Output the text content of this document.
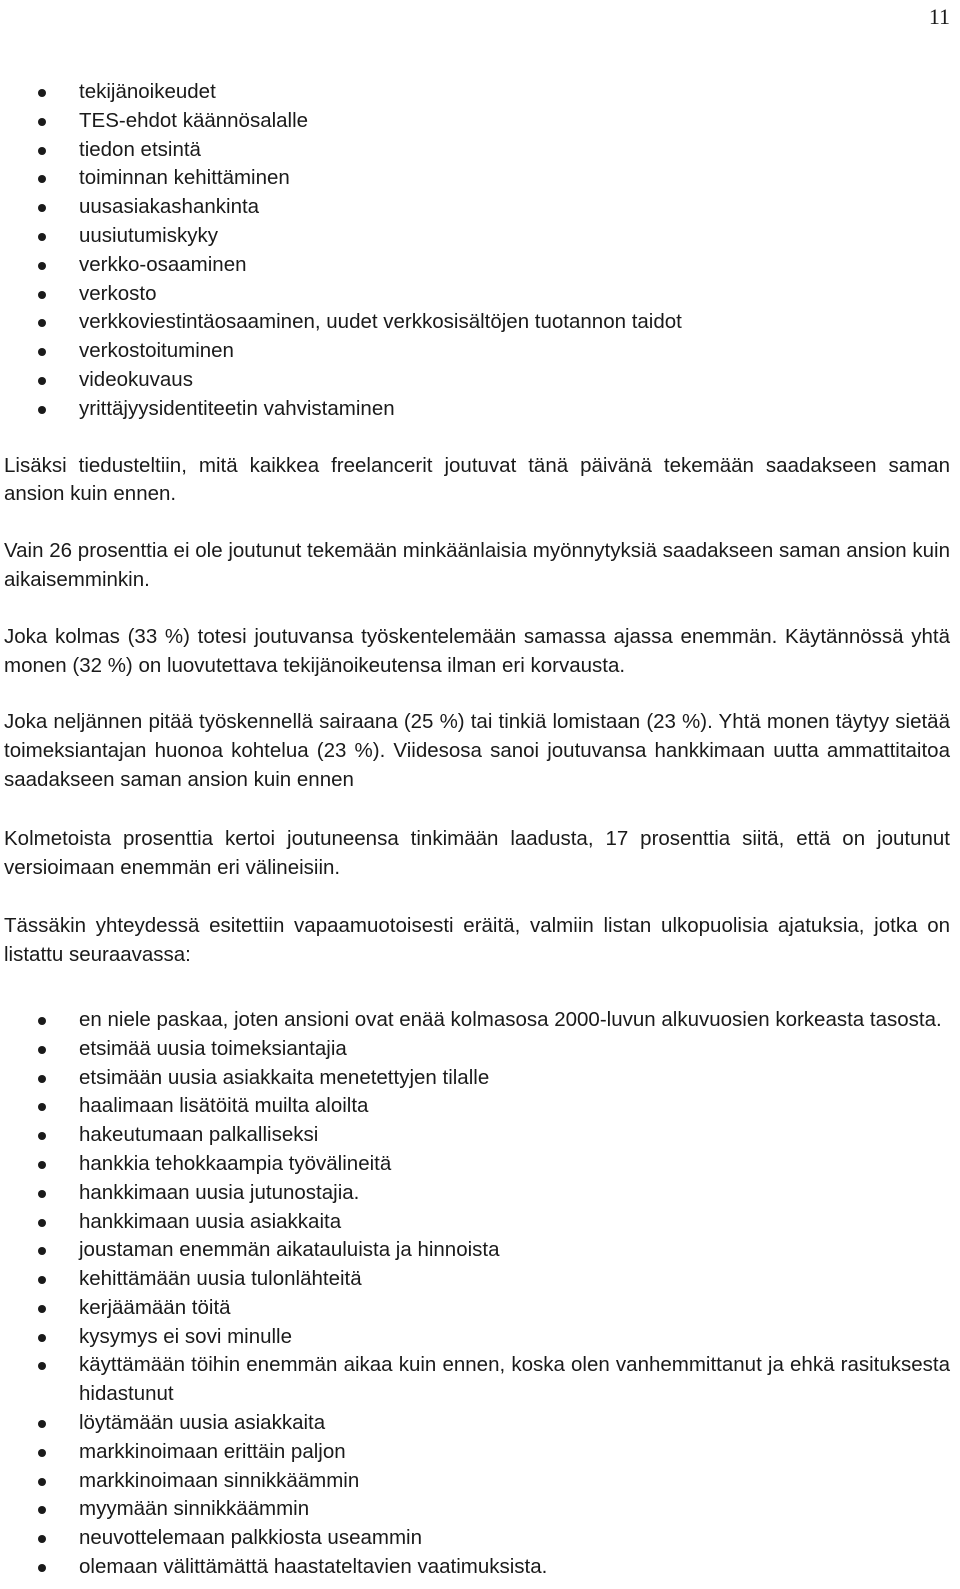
11
tekijänoikeudet
TES-ehdot käännösalalle
tiedon etsintä
toiminnan kehittäminen
uusasiakashankinta
uusiutumiskyky
verkko-osaaminen
verkosto
verkkoviestintäosaaminen, uudet verkkosisältöjen tuotannon taidot
verkostoituminen
videokuvaus
yrittäjyysidentiteetin vahvistaminen

Lisäksi tiedusteltiin, mitä kaikkea freelancerit joutuvat tänä päivänä tekemään saadakseen saman ansion kuin ennen.

Vain 26 prosenttia ei ole joutunut tekemään minkäänlaisia myönnytyksiä saadakseen saman ansion kuin aikaisemminkin.

Joka kolmas (33 %) totesi joutuvansa työskentelemään samassa ajassa enemmän. Käytännössä yhtä monen (32 %) on luovutettava tekijänoikeutensa ilman eri korvausta.

Joka neljännen pitää työskennellä sairaana (25 %) tai tinkiä lomistaan (23 %). Yhtä monen täytyy sietää toimeksiantajan huonoa kohtelua (23 %). Viidesosa sanoi joutuvansa hankkimaan uutta ammattitaitoa saadakseen saman ansion kuin ennen

Kolmetoista prosenttia kertoi joutuneensa tinkimään laadusta, 17 prosenttia siitä, että on joutunut versioimaan enemmän eri välineisiin.

Tässäkin yhteydessä esitettiin vapaamuotoisesti eräitä, valmiin listan ulkopuolisia ajatuksia, jotka on listattu seuraavassa:

en niele paskaa, joten ansioni ovat enää kolmasosa 2000-luvun alkuvuosien korkeasta tasosta.
etsimää uusia toimeksiantajia
etsimään uusia asiakkaita menetettyjen tilalle
haalimaan lisätöitä muilta aloilta
hakeutumaan palkalliseksi
hankkia tehokkaampia työvälineitä
hankkimaan uusia jutunostajia.
hankkimaan uusia asiakkaita
joustaman enemmän aikatauluista ja hinnoista
kehittämään uusia tulonlähteitä
kerjäämään töitä
kysymys ei sovi minulle
käyttämään töihin enemmän aikaa kuin ennen, koska olen vanhemmittanut ja ehkä rasituksesta hidastunut
löytämään uusia asiakkaita
markkinoimaan erittäin paljon
markkinoimaan sinnikkäämmin
myymään sinnikkäämmin
neuvottelemaan palkkiosta useammin
olemaan välittämättä haastateltavien vaatimuksista.
